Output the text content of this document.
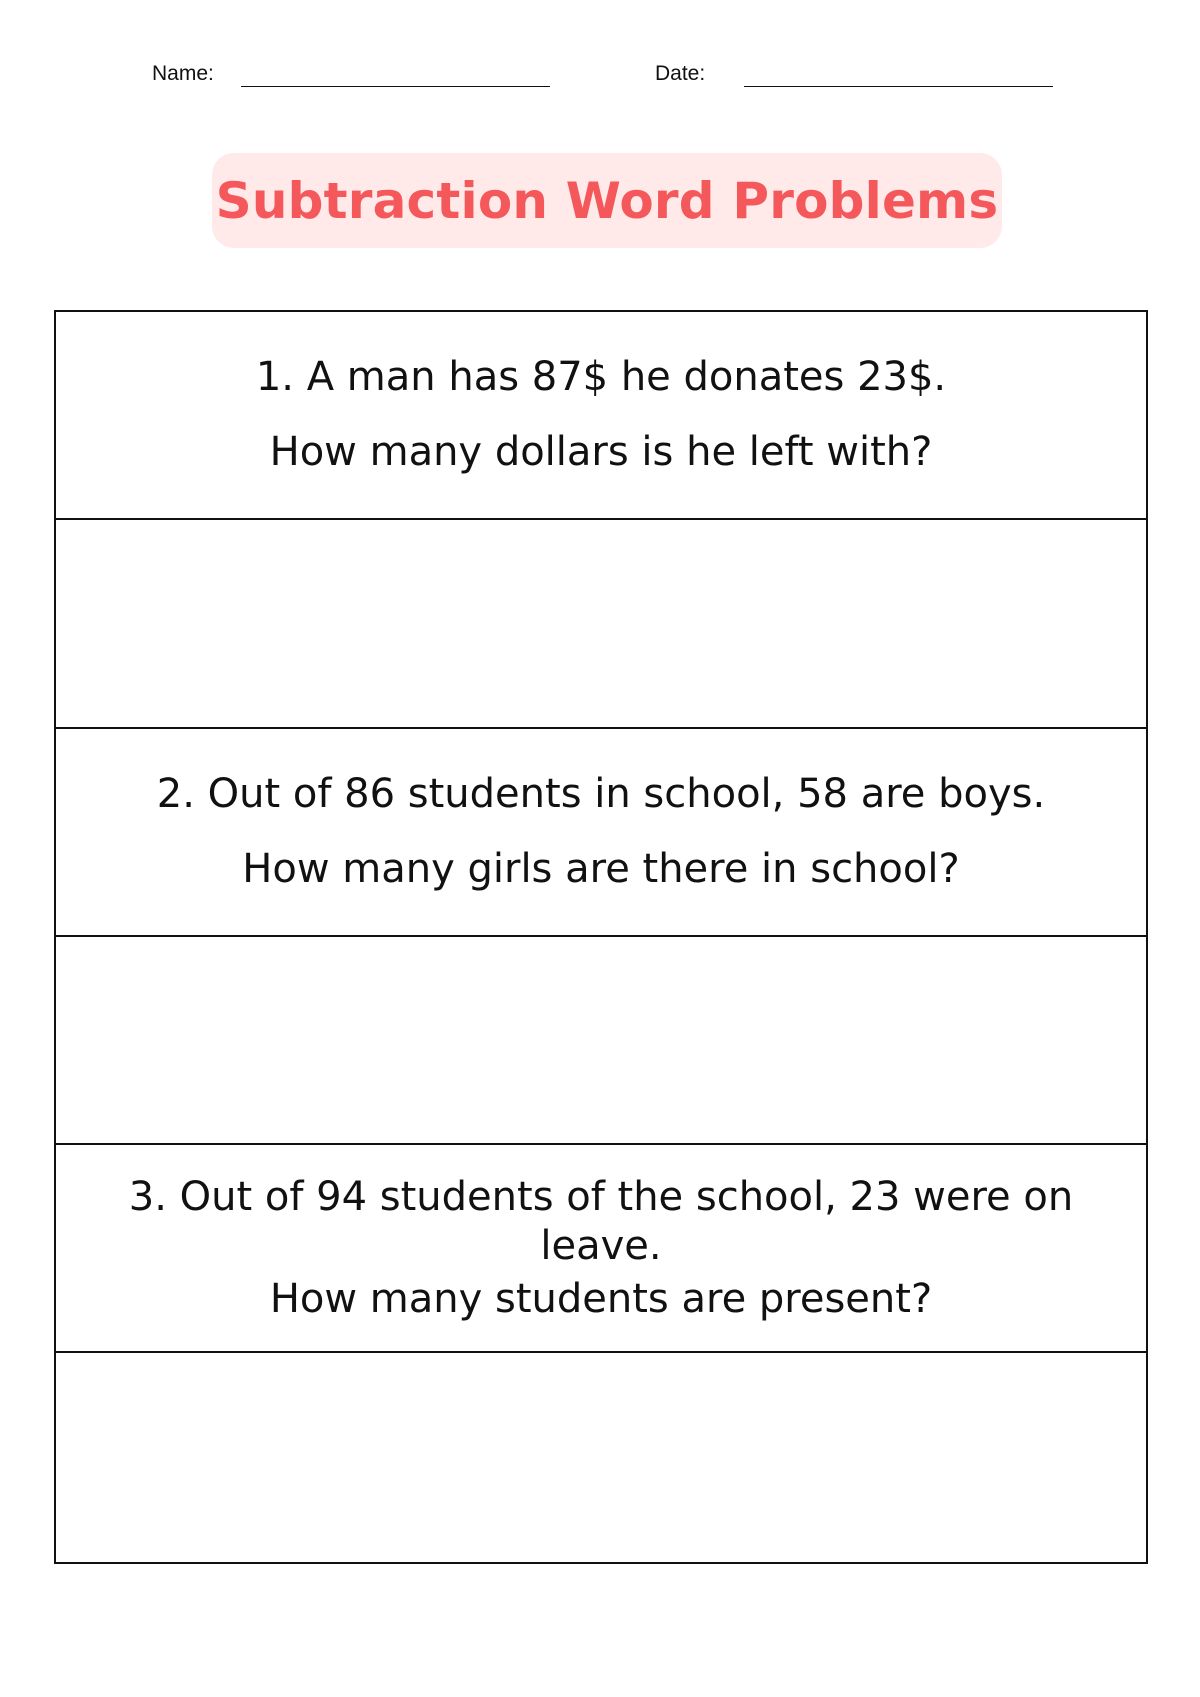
Name:	Date:
Subtraction Word Problems
1. A man has 87$ he donates 23$.
How many dollars is he left with?
2. Out of 86 students in school, 58 are boys.
How many girls are there in school?
3. Out of 94 students of the school, 23 were on leave.
How many students are present?
